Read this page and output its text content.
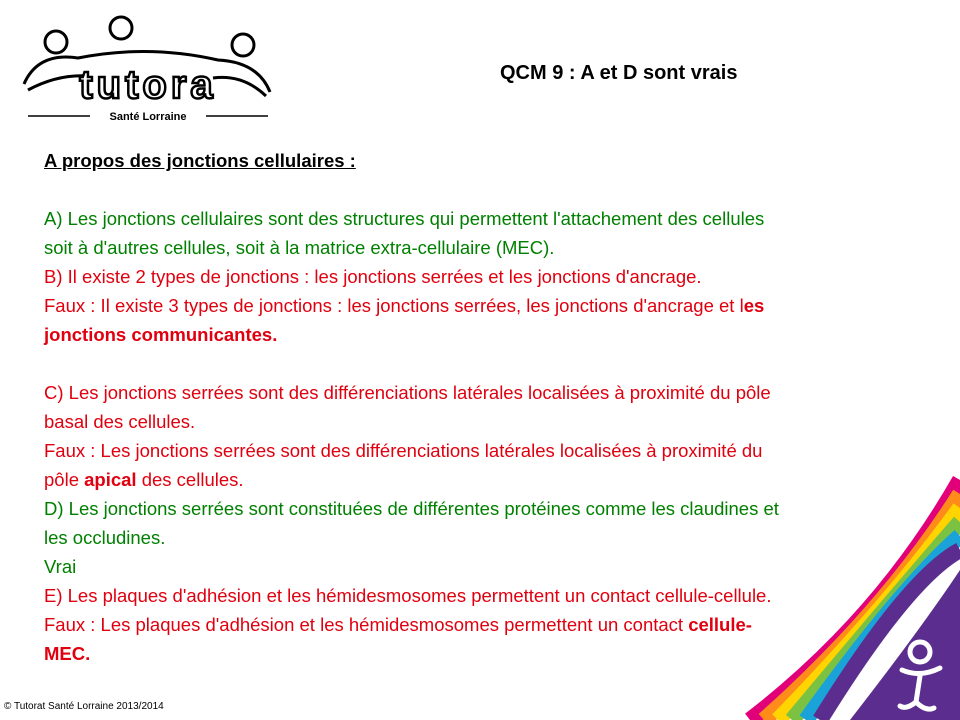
tutora
Santé Lorraine
QCM 9 : A et D sont vrais
A propos des jonctions cellulaires :
A) Les jonctions cellulaires sont des structures qui permettent l'attachement des cellules
soit à d'autres cellules, soit à la matrice extra-cellulaire (MEC).
B) Il existe 2 types de jonctions : les jonctions serrées et les jonctions d'ancrage.
Faux : Il existe 3 types de jonctions : les jonctions serrées, les jonctions d'ancrage et les
jonctions communicantes.
C) Les jonctions serrées sont des différenciations latérales localisées à proximité du pôle
basal des cellules.
Faux : Les jonctions serrées sont des différenciations latérales localisées à proximité du
pôle apical des cellules.
D) Les jonctions serrées sont constituées de différentes protéines comme les claudines et
les occludines.
Vrai
E) Les plaques d'adhésion et les hémidesmosomes permettent un contact cellule-cellule.
Faux : Les plaques d'adhésion et les hémidesmosomes permettent un contact cellule-
MEC.
© Tutorat Santé Lorraine 2013/2014
